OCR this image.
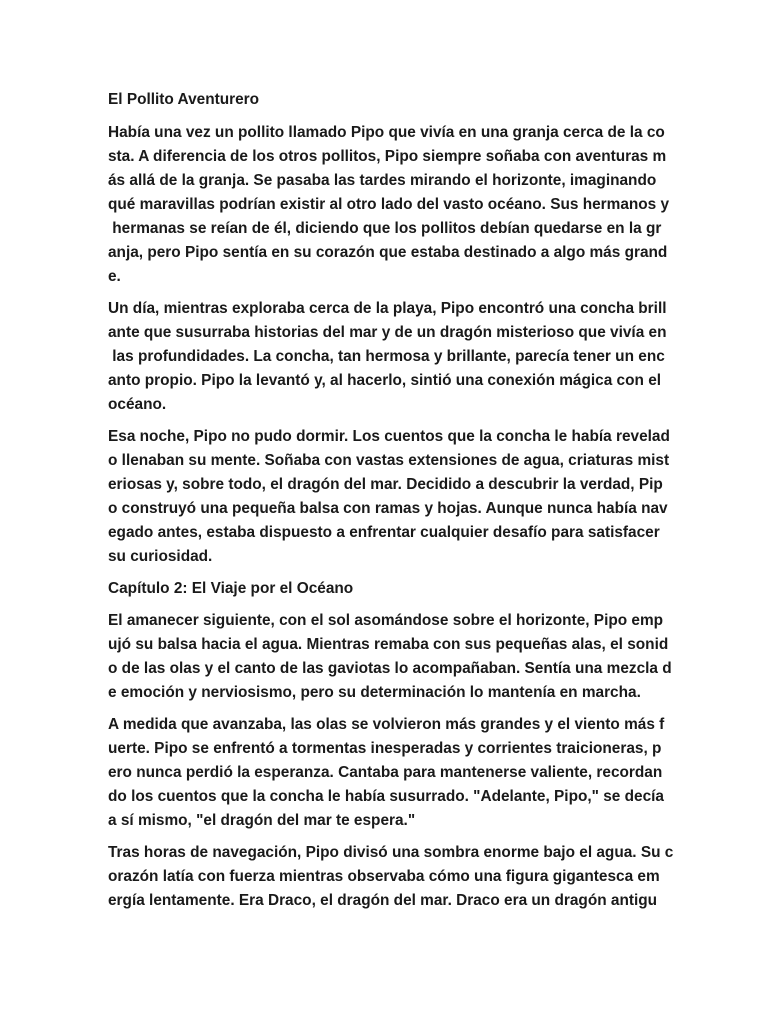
El Pollito Aventurero
Había una vez un pollito llamado Pipo que vivía en una granja cerca de la co
sta. A diferencia de los otros pollitos, Pipo siempre soñaba con aventuras m
ás allá de la granja. Se pasaba las tardes mirando el horizonte, imaginando
qué maravillas podrían existir al otro lado del vasto océano. Sus hermanos y
hermanas se reían de él, diciendo que los pollitos debían quedarse en la gr
anja, pero Pipo sentía en su corazón que estaba destinado a algo más grand
e.
Un día, mientras exploraba cerca de la playa, Pipo encontró una concha brill
ante que susurraba historias del mar y de un dragón misterioso que vivía en
las profundidades. La concha, tan hermosa y brillante, parecía tener un enc
anto propio. Pipo la levantó y, al hacerlo, sintió una conexión mágica con el
océano.
Esa noche, Pipo no pudo dormir. Los cuentos que la concha le había revelad
o llenaban su mente. Soñaba con vastas extensiones de agua, criaturas mist
eriosas y, sobre todo, el dragón del mar. Decidido a descubrir la verdad, Pip
o construyó una pequeña balsa con ramas y hojas. Aunque nunca había nav
egado antes, estaba dispuesto a enfrentar cualquier desafío para satisfacer
su curiosidad.
Capítulo 2: El Viaje por el Océano
El amanecer siguiente, con el sol asomándose sobre el horizonte, Pipo emp
ujó su balsa hacia el agua. Mientras remaba con sus pequeñas alas, el sonid
o de las olas y el canto de las gaviotas lo acompañaban. Sentía una mezcla d
e emoción y nerviosismo, pero su determinación lo mantenía en marcha.
A medida que avanzaba, las olas se volvieron más grandes y el viento más f
uerte. Pipo se enfrentó a tormentas inesperadas y corrientes traicioneras, p
ero nunca perdió la esperanza. Cantaba para mantenerse valiente, recordan
do los cuentos que la concha le había susurrado. "Adelante, Pipo," se decía
a sí mismo, "el dragón del mar te espera."
Tras horas de navegación, Pipo divisó una sombra enorme bajo el agua. Su c
orazón latía con fuerza mientras observaba cómo una figura gigantesca em
ergía lentamente. Era Draco, el dragón del mar. Draco era un dragón antigu
